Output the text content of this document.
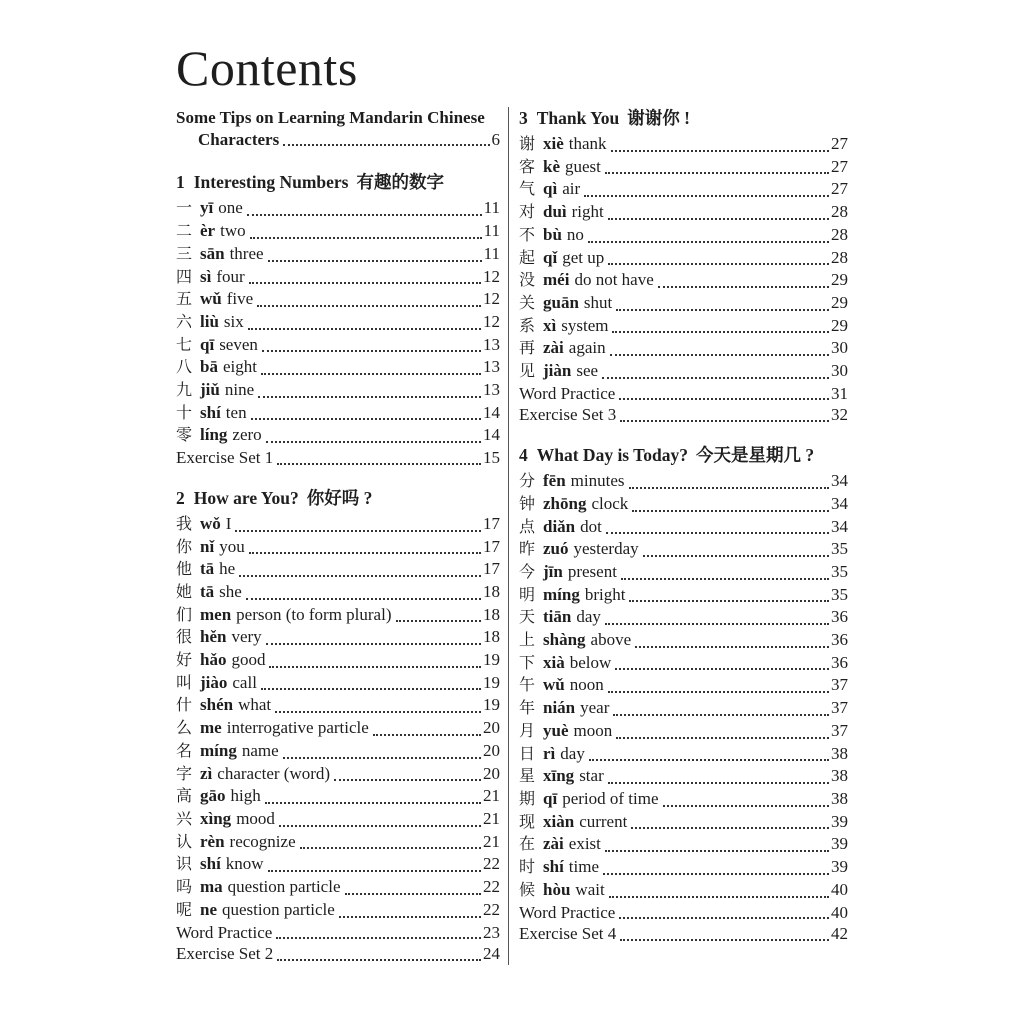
Contents
Some Tips on Learning Mandarin Chinese
Characters	6
1 Interesting Numbers 有趣的数字
一 yī one	11
二 èr two	11
三 sān three	11
四 sì four	12
五 wǔ five	12
六 liù six	12
七 qī seven	13
八 bā eight	13
九 jiǔ nine	13
十 shí ten	14
零 líng zero	14
Exercise Set 1	15
2 How are You? 你好吗 ?
我 wǒ I	17
你 nǐ you	17
他 tā he	17
她 tā she	18
们 men person (to form plural)	18
很 hěn very	18
好 hǎo good	19
叫 jiào call	19
什 shén what	19
么 me interrogative particle	20
名 míng name	20
字 zì character (word)	20
高 gāo high	21
兴 xìng mood	21
认 rèn recognize	21
识 shí know	22
吗 ma question particle	22
呢 ne question particle	22
Word Practice	23
Exercise Set 2	24
3 Thank You 谢谢你 !
谢 xiè thank	27
客 kè guest	27
气 qì air	27
对 duì right	28
不 bù no	28
起 qǐ get up	28
没 méi do not have	29
关 guān shut	29
系 xì system	29
再 zài again	30
见 jiàn see	30
Word Practice	31
Exercise Set 3	32
4 What Day is Today? 今天是星期几 ?
分 fēn minutes	34
钟 zhōng clock	34
点 diǎn dot	34
昨 zuó yesterday	35
今 jīn present	35
明 míng bright	35
天 tiān day	36
上 shàng above	36
下 xià below	36
午 wǔ noon	37
年 nián year	37
月 yuè moon	37
日 rì day	38
星 xīng star	38
期 qī period of time	38
现 xiàn current	39
在 zài exist	39
时 shí time	39
候 hòu wait	40
Word Practice	40
Exercise Set 4	42
